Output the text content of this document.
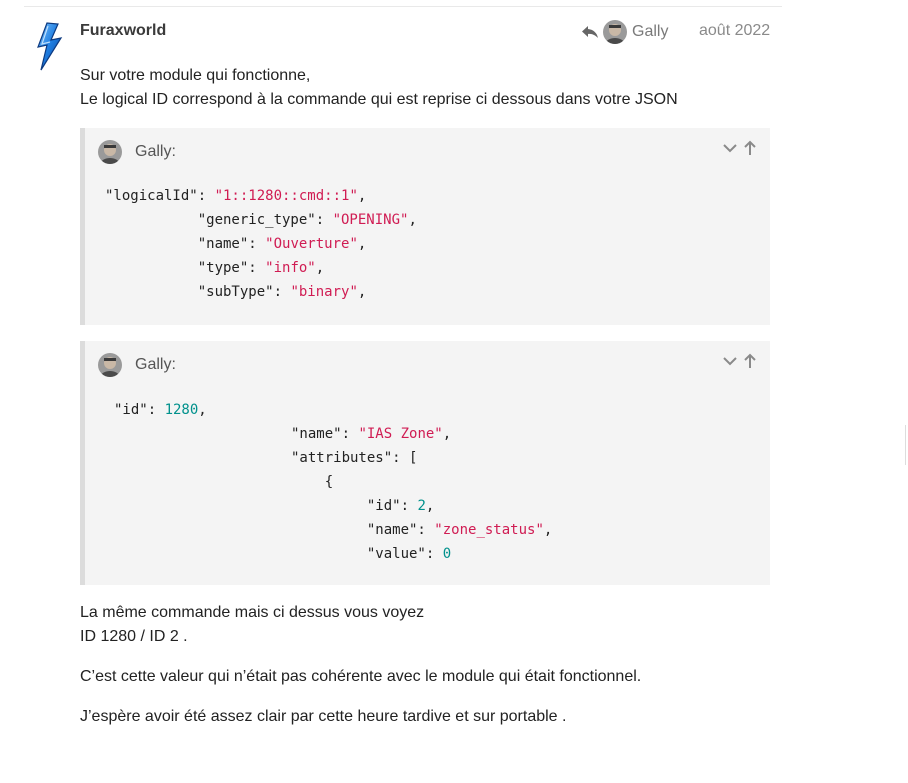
Furaxworld	Gally août 2022

Sur votre module qui fonctionne,

Le logical ID correspond à la commande qui est reprise ci dessous dans votre JSON

Gally:
"logicalId": "1::1280::cmd::1",
"generic_type": "OPENING",
"name": "Ouverture",
"type": "info",
"subType": "binary",
Gally:
"id": 1280,
"name": "IAS Zone",
"attributes": [
{
"id": 2,
"name": "zone_status",
"value": 0
La même commande mais ci dessus vous voyez
ID 1280 / ID 2 .
C’est cette valeur qui n’était pas cohérente avec le module qui était fonctionnel.
J’espère avoir été assez clair par cette heure tardive et sur portable .
